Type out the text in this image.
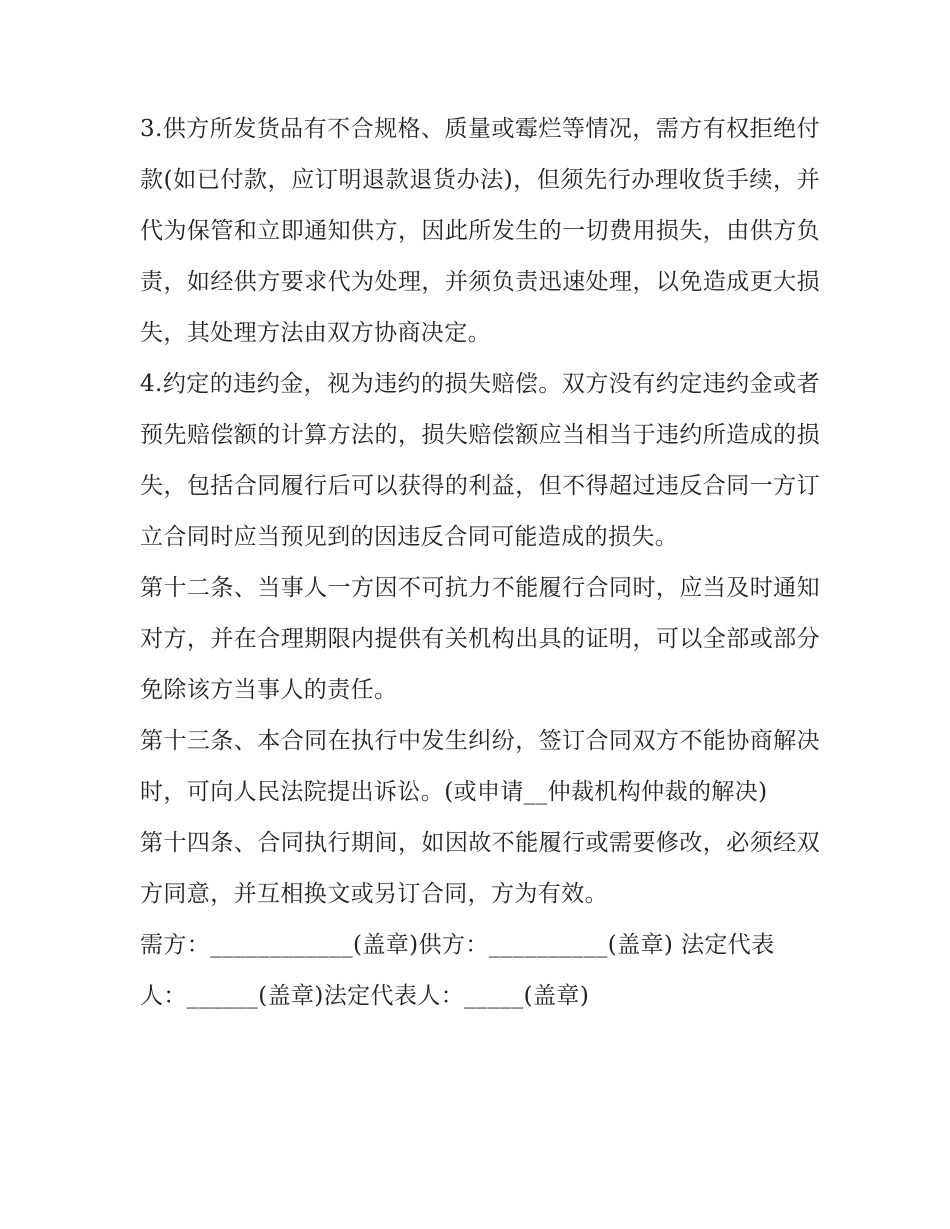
3.供方所发货品有不合规格、质量或霉烂等情况，需方有权拒绝付款(如已付款，应订明退款退货办法)，但须先行办理收货手续，并代为保管和立即通知供方，因此所发生的一切费用损失，由供方负责，如经供方要求代为处理，并须负责迅速处理，以免造成更大损失，其处理方法由双方协商决定。

4.约定的违约金，视为违约的损失赔偿。双方没有约定违约金或者预先赔偿额的计算方法的，损失赔偿额应当相当于违约所造成的损失，包括合同履行后可以获得的利益，但不得超过违反合同一方订立合同时应当预见到的因违反合同可能造成的损失。

第十二条、当事人一方因不可抗力不能履行合同时，应当及时通知对方，并在合理期限内提供有关机构出具的证明，可以全部或部分免除该方当事人的责任。

第十三条、本合同在执行中发生纠纷，签订合同双方不能协商解决时，可向人民法院提出诉讼。(或申请__仲裁机构仲裁的解决)

第十四条、合同执行期间，如因故不能履行或需要修改，必须经双方同意，并互相换文或另订合同，方为有效。

需方：____________(盖章)供方：__________(盖章) 法定代表

人：______(盖章)法定代表人：_____(盖章)
